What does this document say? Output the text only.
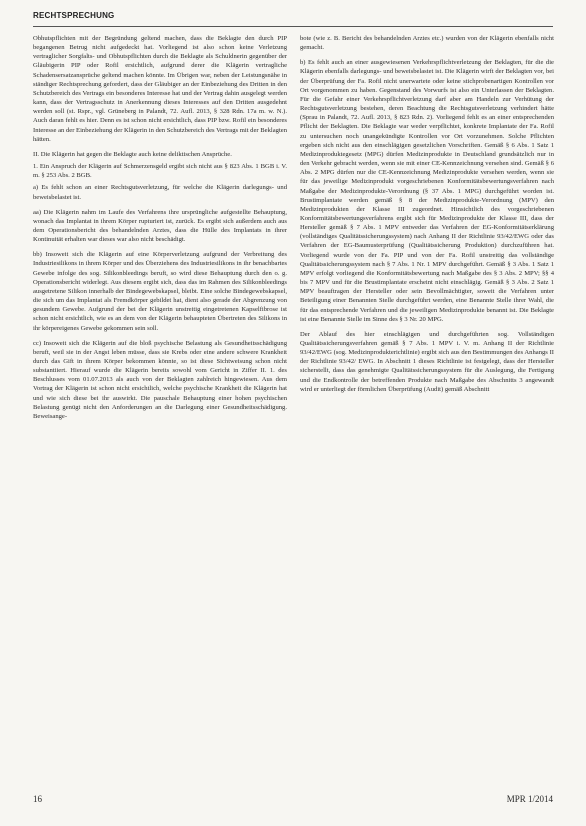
RECHTSPRECHUNG

Obhutspflichten mit der Begründung geltend machen, dass die Beklagte den durch PIP begangenen Betrug nicht aufgedeckt hat. Vorliegend ist also schon keine Verletzung vertraglicher Sorgfalts- und Obhutspflichten durch die Beklagte als Schuldnerin gegenüber der Gläubigerin PIP oder Rofil ersichtlich, aufgrund derer die Klägerin vertragliche Schadensersatzansprüche geltend machen könnte. Im Übrigen war, neben der Leistungsnähe in ständiger Rechtsprechung gefordert, dass der Gläubiger an der Einbeziehung des Dritten in den Schutzbereich des Vertrags ein besonderes Interesse hat und der Vertrag dahin ausgelegt werden kann, dass der Vertragsschutz in Anerkennung dieses Interesses auf den Dritten ausgedehnt werden soll (st. Rspr., vgl. Grüneberg in Palandt, 72. Aufl. 2013, § 328 Rdn. 17a m. w. N.). Auch daran fehlt es hier. Denn es ist schon nicht ersichtlich, dass PIP bzw. Rofil ein besonderes Interesse an der Einbeziehung der Klägerin in den Schutzbereich des Vertrags mit der Beklagten hätten.

II. Die Klägerin hat gegen die Beklagte auch keine deliktischen Ansprüche.

1. Ein Anspruch der Klägerin auf Schmerzensgeld ergibt sich nicht aus § 823 Abs. 1 BGB i. V. m. § 253 Abs. 2 BGB.

a) Es fehlt schon an einer Rechtsgutsverletzung, für welche die Klägerin darlegungs- und beweisbelastet ist.

aa) Die Klägerin nahm im Laufe des Verfahrens ihre ursprüngliche aufgestellte Behauptung, wonach das Implantat in ihrem Körper rupturiert ist, zurück. Es ergibt sich außerdem auch aus dem Operationsbericht des behandelnden Arztes, dass die Hülle des Implantats in ihrer Kontinuität erhalten war dieses war also nicht beschädigt.

bb) Insoweit sich die Klägerin auf eine Körperverletzung aufgrund der Verbreitung des Industriesilikons in ihrem Körper und des Überziehens des Industriesilikons in ihr benachbartes Gewebe infolge des sog. Silikonbleedings beruft, so wird diese Behauptung durch den o. g. Operationsbericht widerlegt. Aus diesem ergibt sich, dass das im Rahmen des Silikonbleedings ausgetretene Silikon innerhalb der Bindegewebskapsel, bleibt. Eine solche Bindegewebskapsel, die sich um das Implantat als Fremdkörper gebildet hat, dient also gerade der Abgrenzung von gesundem Gewebe. Aufgrund der bei der Klägerin unstreitig eingetretenen Kapselfibrose ist schon nicht ersichtlich, wie es an dem von der Klägerin behaupteten Übertreten des Silikons in ihr körpereigenes Gewebe gekommen sein soll.

cc) Insoweit sich die Klägerin auf die bloß psychische Belastung als Gesundheitsschädigung beruft, weil sie in der Angst leben müsse, dass sie Krebs oder eine andere schwere Krankheit durch das Gift in ihrem Körper bekommen könnte, so ist diese Sichtweisung schon nicht substantiiert. Hierauf wurde die Klägerin bereits sowohl vom Gericht in Ziffer II. 1. des Beschlusses vom 01.07.2013 als auch von der Beklagten zahlreich hingewiesen. Aus dem Vortrag der Klägerin ist schon nicht ersichtlich, welche psychische Krankheit die Klägerin hat und wie sich diese bei ihr auswirkt. Die pauschale Behauptung einer hohen psychischen Belastung genügt nicht den Anforderungen an die Darlegung einer Gesundheitsschädigung. Beweisange-

bote (wie z. B. Bericht des behandelnden Arztes etc.) wurden von der Klägerin ebenfalls nicht gemacht.

b) Es fehlt auch an einer ausgewiesenen Verkehrspflichtverletzung der Beklagten, für die die Klägerin ebenfalls darlegungs- und beweisbelastet ist. Die Klägerin wirft der Beklagten vor, bei der Überprüfung der Fa. Rofil nicht unerwartete oder keine stichprobenartigen Kontrollen vor Ort vorgenommen zu haben. Gegenstand des Vorwurfs ist also ein Unterlassen der Beklagten. Für die Gefahr einer Verkehrspflichtverletzung darf aber am Handeln zur Verhütung der Rechtsgutsverletzung bestehen, deren Beachtung die Rechtsgutsverletzung verhindert hätte (Sprau in Palandt, 72. Aufl. 2013, § 823 Rdn. 2). Vorliegend fehlt es an einer entsprechenden Pflicht der Beklagten. Die Beklagte war weder verpflichtet, konkrete Implantate der Fa. Rofil zu untersuchen noch unangekündigte Kontrollen vor Ort vorzunehmen. Solche Pflichten ergeben sich nicht aus den einschlägigen gesetzlichen Vorschriften. Gemäß § 6 Abs. 1 Satz 1 Medizinproduktegesetz (MPG) dürfen Medizinprodukte in Deutschland grundsätzlich nur in den Verkehr gebracht werden, wenn sie mit einer CE-Kennzeichnung versehen sind. Gemäß § 6 Abs. 2 MPG dürfen nur die CE-Kennzeichnung Medizinprodukte versehen werden, wenn sie für das jeweilige Medizinprodukt vorgeschriebenen Konformitätsbewertungsverfahren nach Maßgabe der Medizinprodukte-Verordnung (§ 37 Abs. 1 MPG) durchgeführt worden ist. Brustimplantate werden gemäß § 8 der Medizinprodukte-Verordnung (MPV) den Medizinprodukten der Klasse III zugeordnet. Hinsichtlich des vorgeschriebenen Konformitätsbewertungsverfahrens ergibt sich für Medizinprodukte der Klasse III, dass der Hersteller gemäß § 7 Abs. 1 MPV entweder das Verfahren der EG-Konformitätserklärung (vollständiges Qualitätssicherungssystem) nach Anhang II der Richtlinie 93/42/EWG oder das Verfahren der EG-Baumusterprüfung (Qualitätssicherung Produktion) durchzuführen hat. Vorliegend wurde von der Fa. PIP und von der Fa. Rofil unstreitig das vollständige Qualitätssicherungssystem nach § 7 Abs. 1 Nr. 1 MPV durchgeführt. Gemäß § 3 Abs. 1 Satz 1 MPV erfolgt vorliegend die Konformitätsbewertung nach Maßgabe des § 3 Abs. 2 MPV; §§ 4 bis 7 MPV und für die Brustimplantate erscheint nicht einschlägig. Gemäß § 3 Abs. 2 Satz 1 MPV beauftragen der Hersteller oder sein Bevollmächtigter, soweit die Verfahren unter Beteiligung einer Benannten Stelle durchgeführt werden, eine Benannte Stelle ihrer Wahl, die für das entsprechende Verfahren und die jeweiligen Medizinprodukte benannt ist. Die Beklagte ist eine Benannte Stelle im Sinne des § 3 Nr. 20 MPG.

Der Ablauf des hier einschlägigen und durchgeführten sog. Vollständigen Qualitätssicherungsverfahren gemäß § 7 Abs. 1 MPV i. V. m. Anhang II der Richtlinie 93/42/EWG (sog. Medizinprodukterichtlinie) ergibt sich aus den Bestimmungen des Anhangs II der Richtlinie 93/42/ EWG. In Abschnitt 1 dieses Richtlinie ist festgelegt, dass der Hersteller sicherstellt, dass das genehmigte Qualitätssicherungssystem für die Auslegung, die Fertigung und die Endkontrolle der betreffenden Produkte nach Maßgabe des Abschnitts 3 angewandt wird er unterliegt der förmlichen Überprüfung (Audit) gemäß Abschnitt

16	MPR 1/2014
